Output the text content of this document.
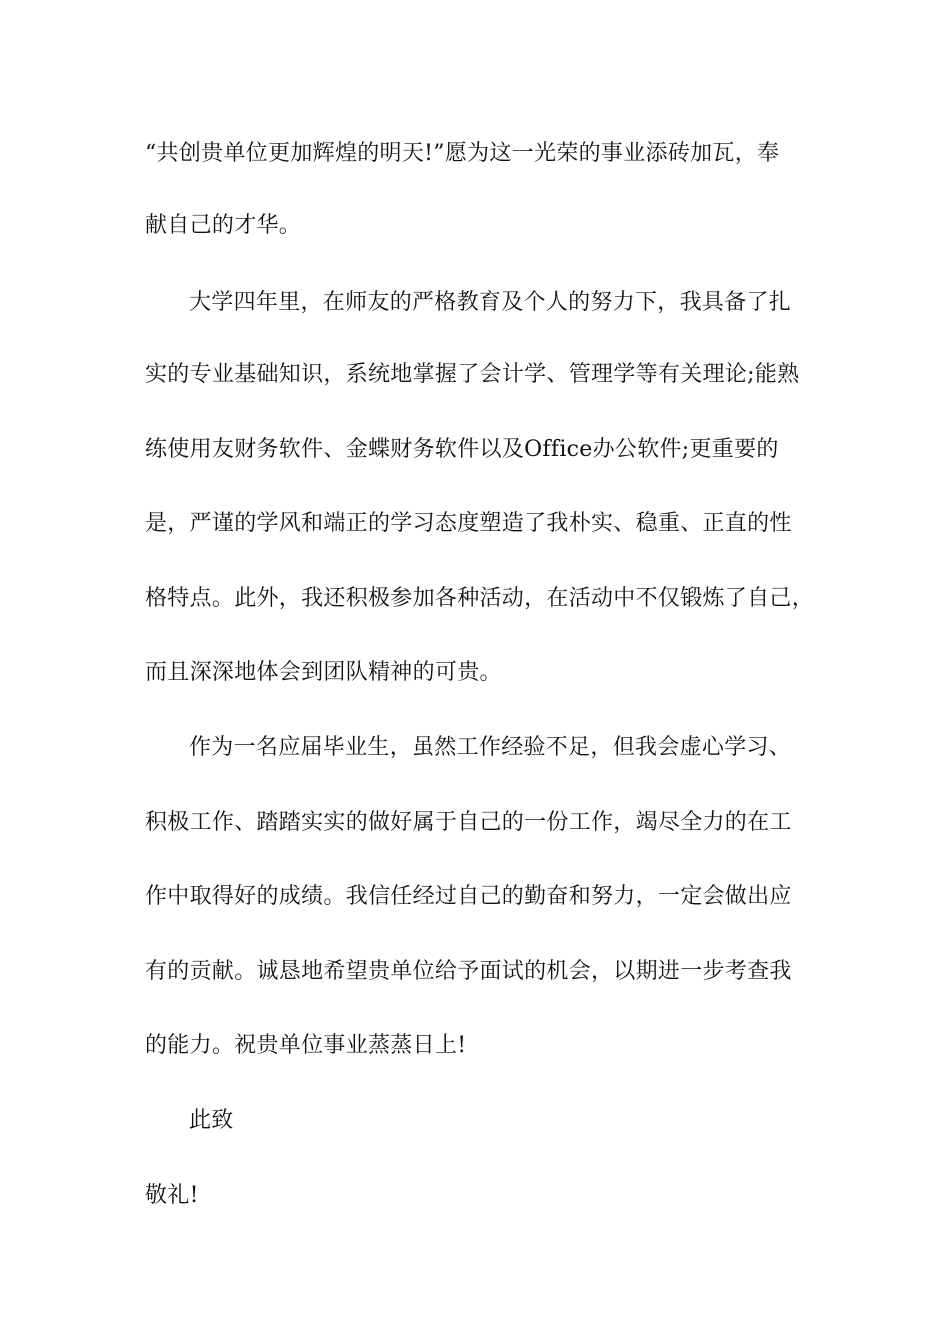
“共创贵单位更加辉煌的明天!”愿为这一光荣的事业添砖加瓦，奉
献自己的才华。
大学四年里，在师友的严格教育及个人的努力下，我具备了扎
实的专业基础知识，系统地掌握了会计学、管理学等有关理论;能熟
练使用友财务软件、金蝶财务软件以及Office办公软件;更重要的
是，严谨的学风和端正的学习态度塑造了我朴实、稳重、正直的性
格特点。此外，我还积极参加各种活动，在活动中不仅锻炼了自己，
而且深深地体会到团队精神的可贵。
作为一名应届毕业生，虽然工作经验不足，但我会虚心学习、
积极工作、踏踏实实的做好属于自己的一份工作，竭尽全力的在工
作中取得好的成绩。我信任经过自己的勤奋和努力，一定会做出应
有的贡献。诚恳地希望贵单位给予面试的机会，以期进一步考查我
的能力。祝贵单位事业蒸蒸日上!
此致
敬礼!
